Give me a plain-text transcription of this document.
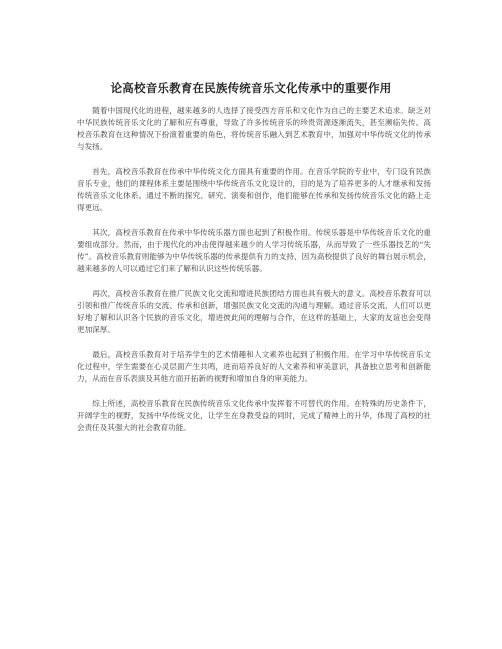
论高校音乐教育在民族传统音乐文化传承中的重要作用

随着中国现代化的进程，越来越多的人选择了接受西方音乐和文化作为自己的主要艺术追求。缺乏对中华民族传统音乐文化的了解和应有尊重，导致了许多传统音乐的珍贵资源逐渐流失，甚至濒临失传。高校音乐教育在这种情况下扮演着重要的角色，将传统音乐融入到艺术教育中，加强对中华传统文化的传承与发扬。

首先，高校音乐教育在传承中华传统文化方面具有重要的作用。在音乐学院的专业中，专门设有民族音乐专业，他们的课程体系主要是围绕中华传统音乐文化设计的，目的是为了培养更多的人才继承和发扬传统音乐文化体系。通过不断的探究、研究、演奏和创作，他们能够在传承和发扬传统音乐文化的路上走得更远。

其次，高校音乐教育在传承中华传统乐器方面也起到了积极作用。传统乐器是中华传统音乐文化的重要组成部分。然而，由于现代化的冲击使得越来越少的人学习传统乐器，从而导致了一些乐器技艺的“失传”。高校音乐教育则能够为中华传统乐器的传承提供有力的支持，因为高校提供了良好的舞台展示机会，越来越多的人可以通过它们来了解和认识这些传统乐器。

再次，高校音乐教育在推广民族文化交流和增进民族团结方面也具有极大的意义。高校音乐教育可以引领和推广传统音乐的交流、传承和创新，增强民族文化交流的沟通与理解。通过音乐交流，人们可以更好地了解和认识各个民族的音乐文化，增进彼此间的理解与合作，在这样的基础上，大家的友谊也会变得更加深厚。

最后，高校音乐教育对于培养学生的艺术情趣和人文素养也起到了积极作用。在学习中华传统音乐文化过程中，学生需要在心灵层面产生共鸣，进而培养良好的人文素养和审美意识，具备独立思考和创新能力，从而在音乐表演及其他方面开拓新的视野和增加自身的审美能力。

综上所述，高校音乐教育在民族传统音乐文化传承中发挥着不可替代的作用。在特殊的历史条件下，开阔学生的视野，发扬中华传统文化，让学生在身教受益的同时，完成了精神上的升华，体现了高校的社会责任及其强大的社会教育功能。
